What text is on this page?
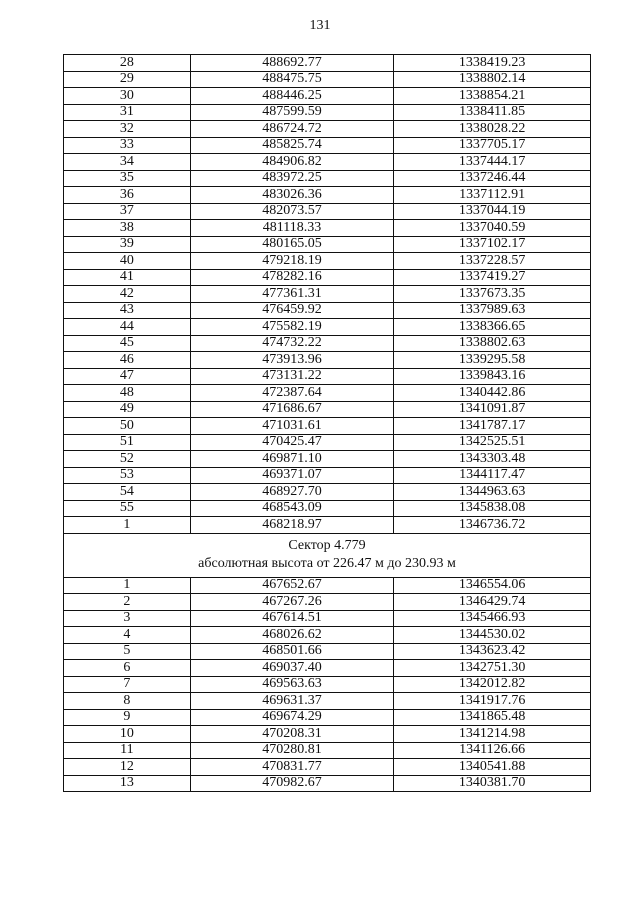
131
28	488692.77	1338419.23
29	488475.75	1338802.14
30	488446.25	1338854.21
31	487599.59	1338411.85
32	486724.72	1338028.22
33	485825.74	1337705.17
34	484906.82	1337444.17
35	483972.25	1337246.44
36	483026.36	1337112.91
37	482073.57	1337044.19
38	481118.33	1337040.59
39	480165.05	1337102.17
40	479218.19	1337228.57
41	478282.16	1337419.27
42	477361.31	1337673.35
43	476459.92	1337989.63
44	475582.19	1338366.65
45	474732.22	1338802.63
46	473913.96	1339295.58
47	473131.22	1339843.16
48	472387.64	1340442.86
49	471686.67	1341091.87
50	471031.61	1341787.17
51	470425.47	1342525.51
52	469871.10	1343303.48
53	469371.07	1344117.47
54	468927.70	1344963.63
55	468543.09	1345838.08
1	468218.97	1346736.72

Сектор 4.779
абсолютная высота от 226.47 м до 230.93 м		

1	467652.67	1346554.06
2	467267.26	1346429.74
3	467614.51	1345466.93
4	468026.62	1344530.02
5	468501.66	1343623.42
6	469037.40	1342751.30
7	469563.63	1342012.82
8	469631.37	1341917.76
9	469674.29	1341865.48
10	470208.31	1341214.98
11	470280.81	1341126.66
12	470831.77	1340541.88
13	470982.67	1340381.70
